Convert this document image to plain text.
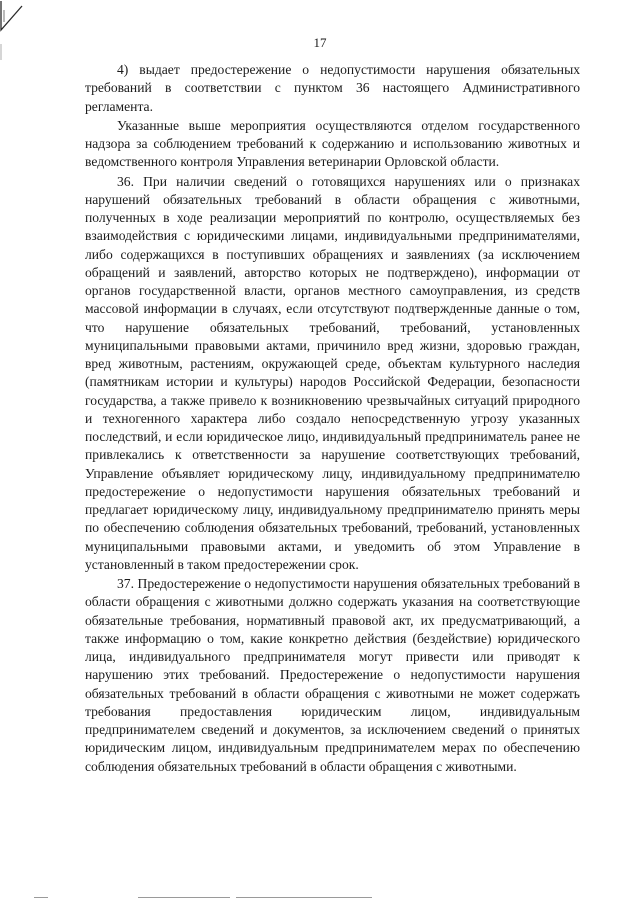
17

4) выдает предостережение о недопустимости нарушения обязательных требований в соответствии с пунктом 36 настоящего Административного регламента.

Указанные выше мероприятия осуществляются отделом государственного надзора за соблюдением требований к содержанию и использованию животных и ведомственного контроля Управления ветеринарии Орловской области.

36. При наличии сведений о готовящихся нарушениях или о признаках нарушений обязательных требований в области обращения с животными, полученных в ходе реализации мероприятий по контролю, осуществляемых без взаимодействия с юридическими лицами, индивидуальными предпринимателями, либо содержащихся в поступивших обращениях и заявлениях (за исключением обращений и заявлений, авторство которых не подтверждено), информации от органов государственной власти, органов местного самоуправления, из средств массовой информации в случаях, если отсутствуют подтвержденные данные о том, что нарушение обязательных требований, требований, установленных муниципальными правовыми актами, причинило вред жизни, здоровью граждан, вред животным, растениям, окружающей среде, объектам культурного наследия (памятникам истории и культуры) народов Российской Федерации, безопасности государства, а также привело к возникновению чрезвычайных ситуаций природного и техногенного характера либо создало непосредственную угрозу указанных последствий, и если юридическое лицо, индивидуальный предприниматель ранее не привлекались к ответственности за нарушение соответствующих требований, Управление объявляет юридическому лицу, индивидуальному предпринимателю предостережение о недопустимости нарушения обязательных требований и предлагает юридическому лицу, индивидуальному предпринимателю принять меры по обеспечению соблюдения обязательных требований, требований, установленных муниципальными правовыми актами, и уведомить об этом Управление в установленный в таком предостережении срок.

37. Предостережение о недопустимости нарушения обязательных требований в области обращения с животными должно содержать указания на соответствующие обязательные требования, нормативный правовой акт, их предусматривающий, а также информацию о том, какие конкретно действия (бездействие) юридического лица, индивидуального предпринимателя могут привести или приводят к нарушению этих требований. Предостережение о недопустимости нарушения обязательных требований в области обращения с животными не может содержать требования предоставления юридическим лицом, индивидуальным предпринимателем сведений и документов, за исключением сведений о принятых юридическим лицом, индивидуальным предпринимателем мерах по обеспечению соблюдения обязательных требований в области обращения с животными.
